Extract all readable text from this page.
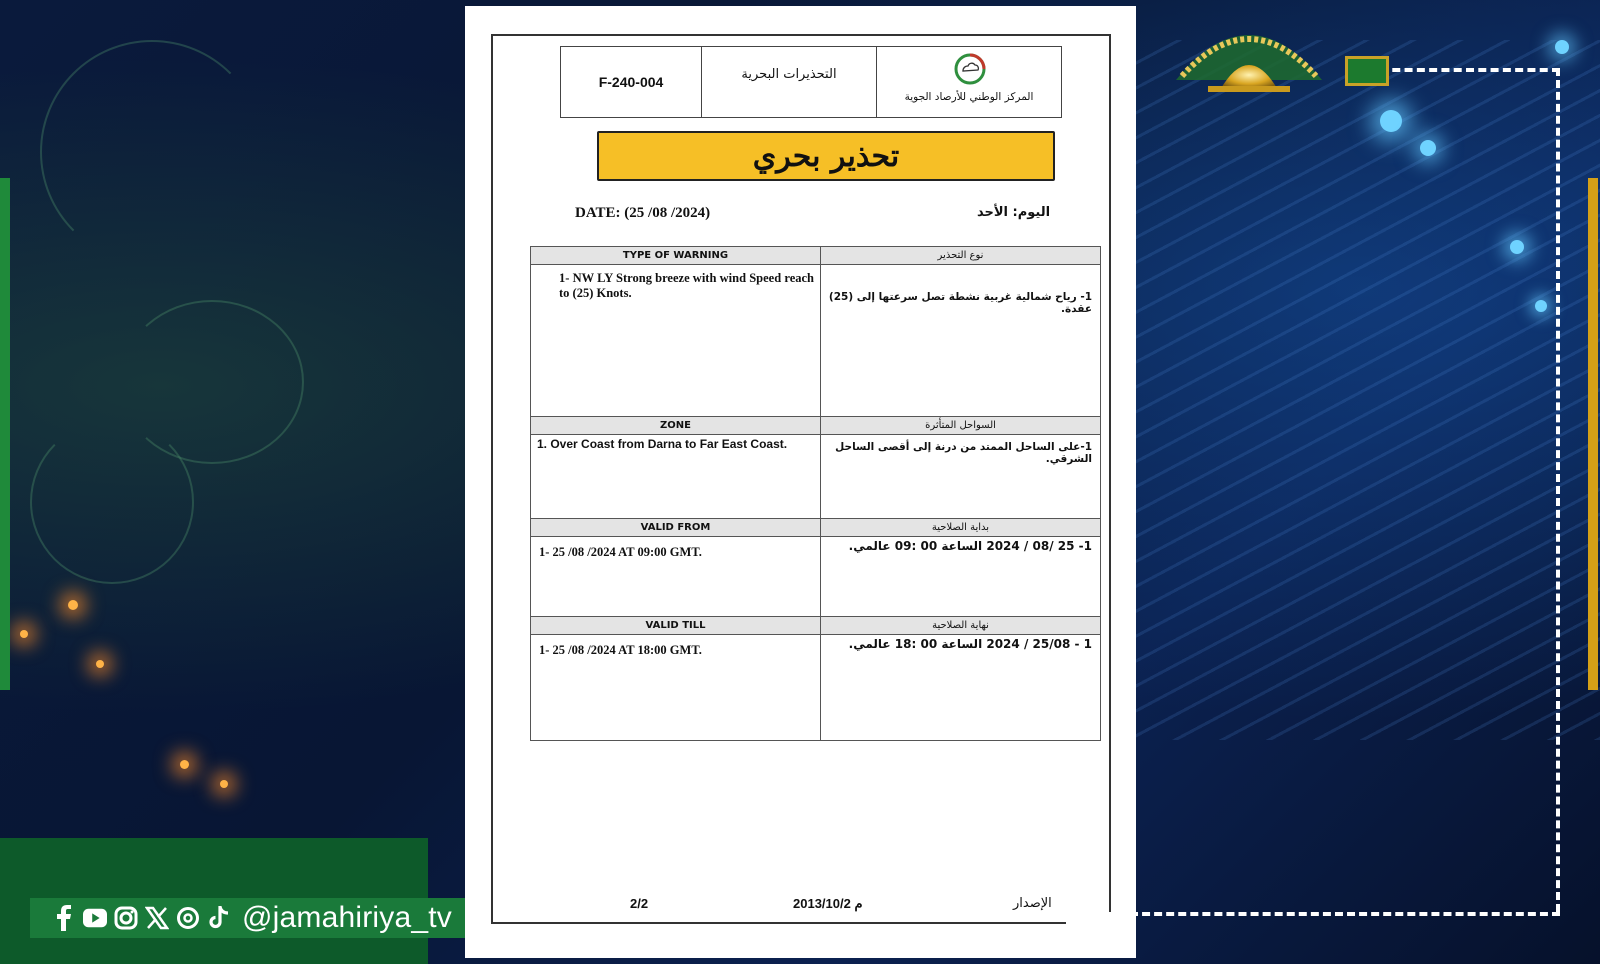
@jamahiriya_tv
F-240-004	التحذيرات البحرية
المركز الوطني للأرصاد الجوية
تحذير بحري
DATE: (25 /08 /2024)	اليوم: الأحد
TYPE OF WARNING	نوع التحذير

1- NW LY Strong breeze with wind Speed reach to (25) Knots.	1- رياح شمالية غربية نشطة تصل سرعتها إلى (25) عقدة.
ZONE	السواحل المتأثرة
1. Over Coast from Darna to Far East Coast.	1-على الساحل الممتد من درنة إلى أقصى الساحل الشرقي.
VALID FROM	بداية الصلاحية
1- 25 /08 /2024 AT 09:00 GMT.	1- 25 /08 / 2024 الساعة 00 :09 عالمي.
VALID TILL	نهاية الصلاحية
1- 25 /08 /2024 AT 18:00 GMT.	1 - 25/08 / 2024 الساعة 00 :18 عالمي.
2/2	2013/10/2 م	الإصدار
